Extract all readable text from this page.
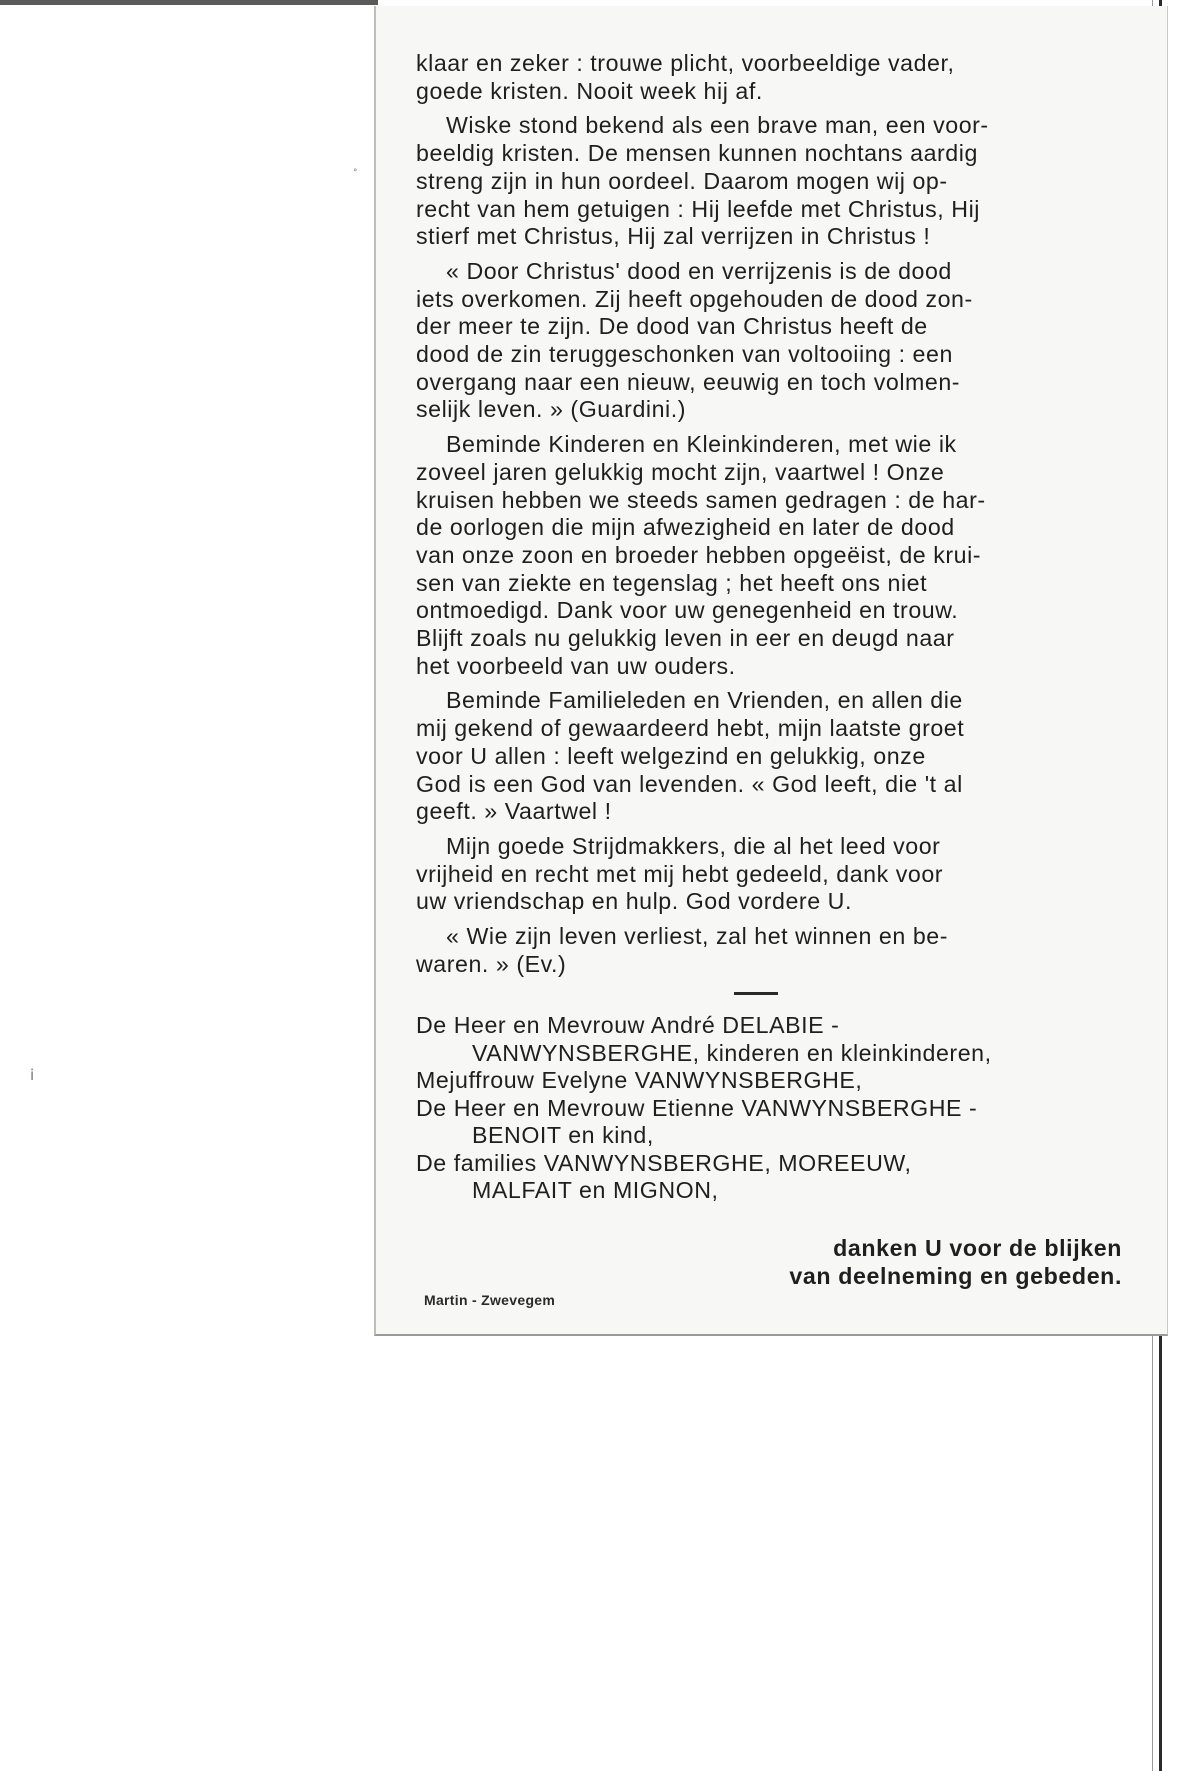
°
ⅰ
klaar en zeker : trouwe plicht, voorbeeldige vader,
goede kristen. Nooit week hij af.
Wiske stond bekend als een brave man, een voor-
beeldig kristen. De mensen kunnen nochtans aardig
streng zijn in hun oordeel. Daarom mogen wij op-
recht van hem getuigen : Hij leefde met Christus, Hij
stierf met Christus, Hij zal verrijzen in Christus !
« Door Christus' dood en verrijzenis is de dood
iets overkomen. Zij heeft opgehouden de dood zon-
der meer te zijn. De dood van Christus heeft de
dood de zin teruggeschonken van voltooiing : een
overgang naar een nieuw, eeuwig en toch volmen-
selijk leven. » (Guardini.)
Beminde Kinderen en Kleinkinderen, met wie ik
zoveel jaren gelukkig mocht zijn, vaartwel ! Onze
kruisen hebben we steeds samen gedragen : de har-
de oorlogen die mijn afwezigheid en later de dood
van onze zoon en broeder hebben opgeëist, de krui-
sen van ziekte en tegenslag ; het heeft ons niet
ontmoedigd. Dank voor uw genegenheid en trouw.
Blijft zoals nu gelukkig leven in eer en deugd naar
het voorbeeld van uw ouders.
Beminde Familieleden en Vrienden, en allen die
mij gekend of gewaardeerd hebt, mijn laatste groet
voor U allen : leeft welgezind en gelukkig, onze
God is een God van levenden. « God leeft, die 't al
geeft. » Vaartwel !
Mijn goede Strijdmakkers, die al het leed voor
vrijheid en recht met mij hebt gedeeld, dank voor
uw vriendschap en hulp. God vordere U.
« Wie zijn leven verliest, zal het winnen en be-
waren. » (Ev.)
De Heer en Mevrouw André DELABIE -
VANWYNSBERGHE, kinderen en kleinkinderen,
Mejuffrouw Evelyne VANWYNSBERGHE,
De Heer en Mevrouw Etienne VANWYNSBERGHE -
BENOIT en kind,
De families VANWYNSBERGHE, MOREEUW,
MALFAIT en MIGNON,
danken U voor de blijken
van deelneming en gebeden.
Martin - Zwevegem
